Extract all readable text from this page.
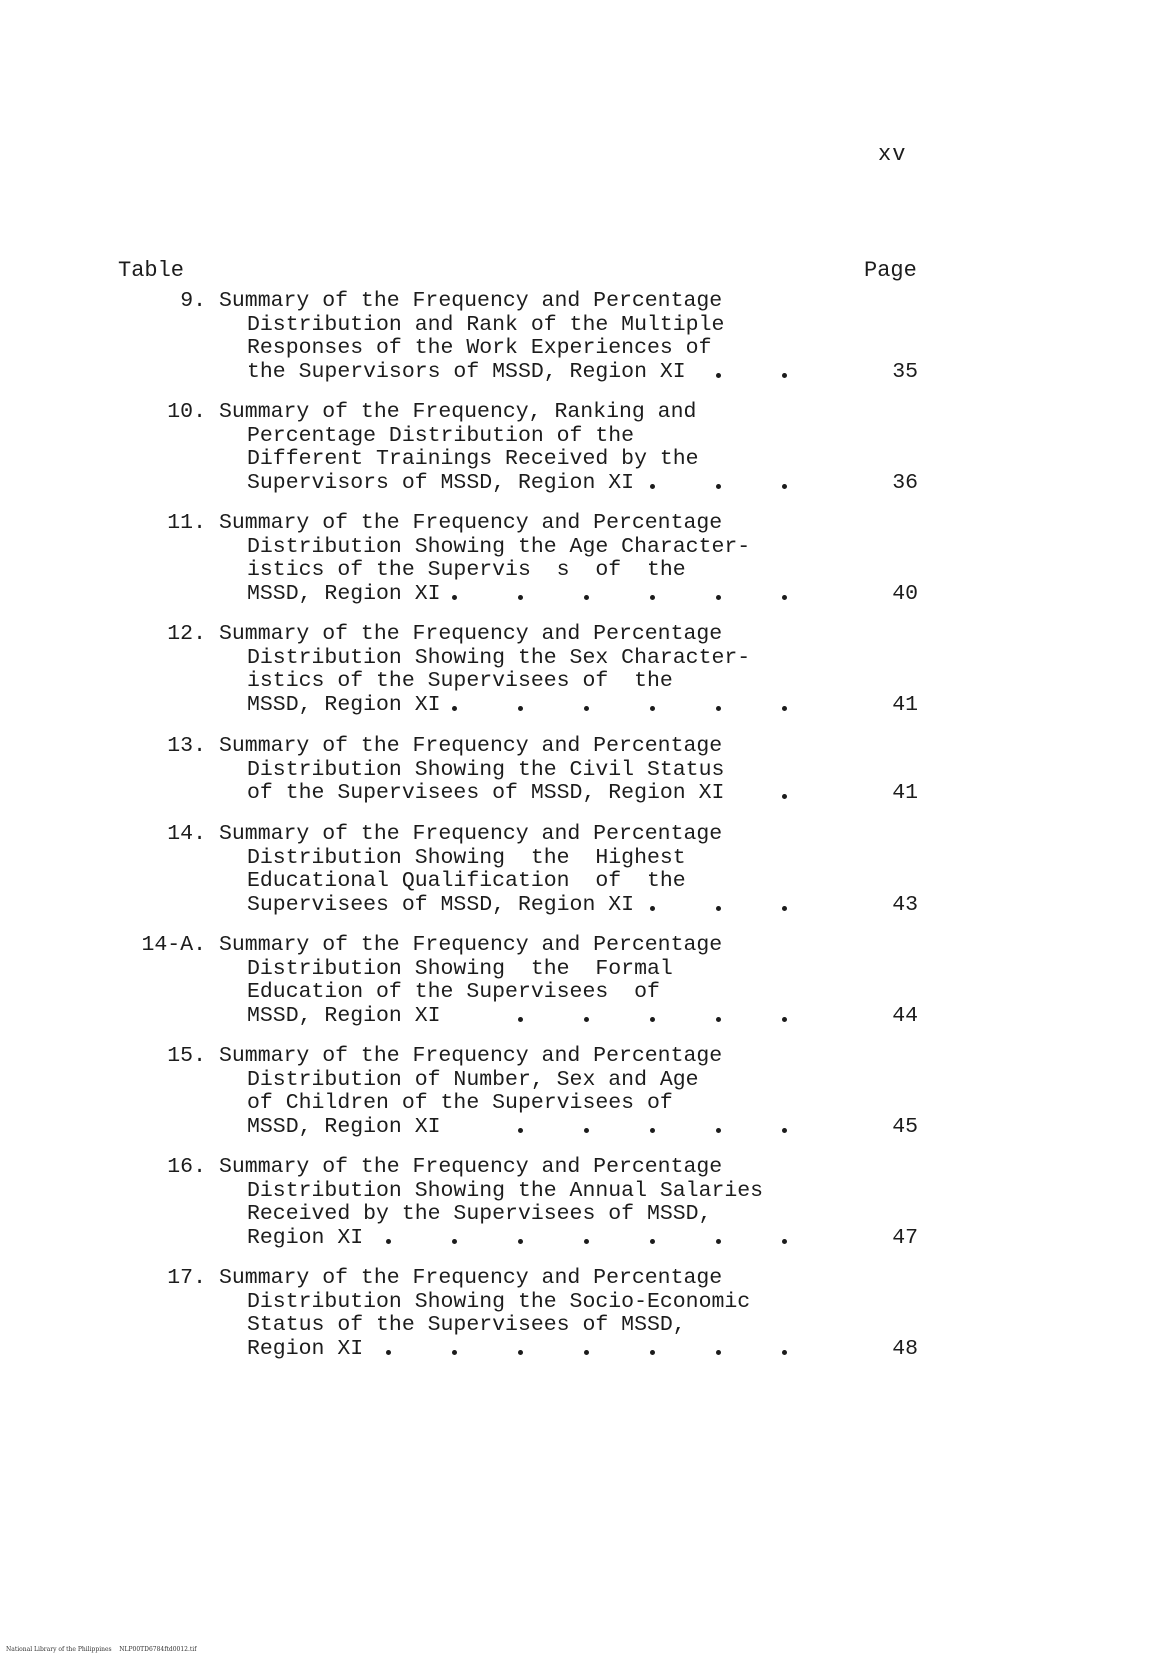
xv
Table	Page
9. Summary of the Frequency and Percentage
Distribution and Rank of the Multiple
Responses of the Work Experiences of
the Supervisors of MSSD, Region XI	35
10. Summary of the Frequency, Ranking and
Percentage Distribution of the
Different Trainings Received by the
Supervisors of MSSD, Region XI	36
11. Summary of the Frequency and Percentage
Distribution Showing the Age Character-
istics of the Supervis  s  of  the
MSSD, Region XI	40
12. Summary of the Frequency and Percentage
Distribution Showing the Sex Character-
istics of the Supervisees of  the
MSSD, Region XI	41
13. Summary of the Frequency and Percentage
Distribution Showing the Civil Status
of the Supervisees of MSSD, Region XI	41
14. Summary of the Frequency and Percentage
Distribution Showing  the  Highest
Educational Qualification  of  the
Supervisees of MSSD, Region XI	43
14-A. Summary of the Frequency and Percentage
Distribution Showing  the  Formal
Education of the Supervisees  of
MSSD, Region XI	44
15. Summary of the Frequency and Percentage
Distribution of Number, Sex and Age
of Children of the Supervisees of
MSSD, Region XI	45
16. Summary of the Frequency and Percentage
Distribution Showing the Annual Salaries
Received by the Supervisees of MSSD,
Region XI	47
17. Summary of the Frequency and Percentage
Distribution Showing the Socio-Economic
Status of the Supervisees of MSSD,
Region XI	48
National Library of the Philippines    NLP00TD6784ftd0012.tif
